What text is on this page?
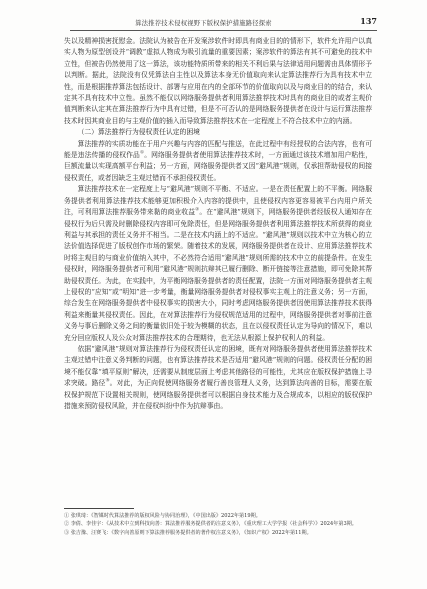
算法推荐技术侵权视野下版权保护措施路径探索	137

失以及精神损害抚慰金。法院认为被告在开发案涉软件时即具有商业目的的情形下，软件允许用户以真实人物为原型创设并“调教”虚拟人物成为吸引流量的重要因素；案涉软件的算法有其不可避免的技术中立性，但被告仍然使用了这一算法，该功能特质所带来的相关不利后果与法律适用问题需由具体情形予以判断。据此，法院没有仅凭算法自主性以及算法本身无价值取向来认定算法推荐行为具有技术中立性，而是根据推荐算法包括设计、部署与应用在内的全部环节的价值取向以及与商业目的的结合，来认定其不具有技术中立性。虽然不能仅以网络服务提供者利用算法推荐技术时具有的商业目的或者主观价值判断来认定其在算法推荐行为中具有过错，但是不可否认的是网络服务提供者在设计与运行算法推荐技术时因其商业目的与主观价值的插入而导致算法推荐技术在一定程度上不符合技术中立的内涵。

（二）算法推荐行为侵权责任认定的困境

算法推荐的实质功能在于用户兴趣与内容的匹配与推送，在此过程中有经授权的合法内容，也有可能是违法传播的侵权作品①。网络服务提供者使用算法推荐技术时，一方面通过该技术增加用户粘性，巨额流量以实现高额平台利益；另一方面，网络服务提供者又因“避风港”规则，仅承担帮助侵权的间接侵权责任，或者因缺乏主观过错而不承担侵权责任。

算法推荐技术在一定程度上与“避风港”规则不平衡、不适应。一是在责任配置上的不平衡。网络服务提供者利用算法推荐技术能够更加积极介入内容的提供中，且使侵权内容更容易被平台内用户所关注，可利用算法推荐服务带来黏的商业收益②。在“避风港”规则下，网络服务提供者经版权人通知存在侵权行为后只需及时删除侵权内容即可免除责任，但是网络服务提供者利用算法推荐技术所获得的商业利益与其承担的责任义务并不相当。二是在技术内涵上的不适应。“避风港”规则以技术中立为核心的立法价值选择促进了版权创作市场的繁荣。随着技术的发展，网络服务提供者在设计、应用算法推荐技术时将主观目的与商业价值纳入其中，不必然符合适用“避风港”规则所需的技术中立的前提条件。在发生侵权时，网络服务提供者可利用“避风港”规则抗辩其已履行删除、断开链接等注意措施，即可免除其帮助侵权责任。为此，在实践中，为平衡网络服务提供者的责任配置，法院一方面对网络服务提供者主观上侵权的“应知”或“明知”进一步考量，衡量网络服务提供者对侵权事实主观上的注意义务；另一方面，综合发生在网络服务提供者中侵权事实的损害大小，同时考虑网络服务提供者因使用算法推荐技术获得利益来衡量其侵权责任。因此，在对算法推荐行为侵权规范适用的过程中，网络服务提供者对事前注意义务与事后删除义务之间的衡量依旧处于较为模糊的状态，且在以侵权责任认定为导向的情况下，难以充分回应版权人及公众对算法推荐技术的合理期待，也无法从根源上保护权利人的利益。

依据“避风港”规则对算法推荐行为侵权责任认定的困境，既有对网络服务提供者使用算法推荐技术主观过错中注意义务判断的问题，也有算法推荐技术是否适用“避风港”规则的问题。侵权责任分配的困境不能仅靠“填平原则”解决，还需要从制度层面上考虑其他路径的可能性，尤其应在版权保护措施上寻求突破。路径③。对此，为正向促使网络服务者履行善良管理人义务，达到算法向善的目标，需要在版权保护规范下设置相关规则，使网络服务提供者可以根据自身技术能力及合规成本，以相应的版权保护措施来预防侵权风险，并在侵权纠纷中作为抗辩事由。

① 张琪琦：《智媒时代算法推荐的版权风险与协同治理》，《中国出版》2022年第19期。

② 李倩、李佳宇：《从技术中立到科技向善：算法推荐服务提供者的注意义务》，《重庆理工大学学报（社会科学）》2024年第3期。

③ 张吉豫、汪赛飞：《数字向善原则下算法推荐服务提供者的著作权注意义务》，《知识产权》2022年第11期。
